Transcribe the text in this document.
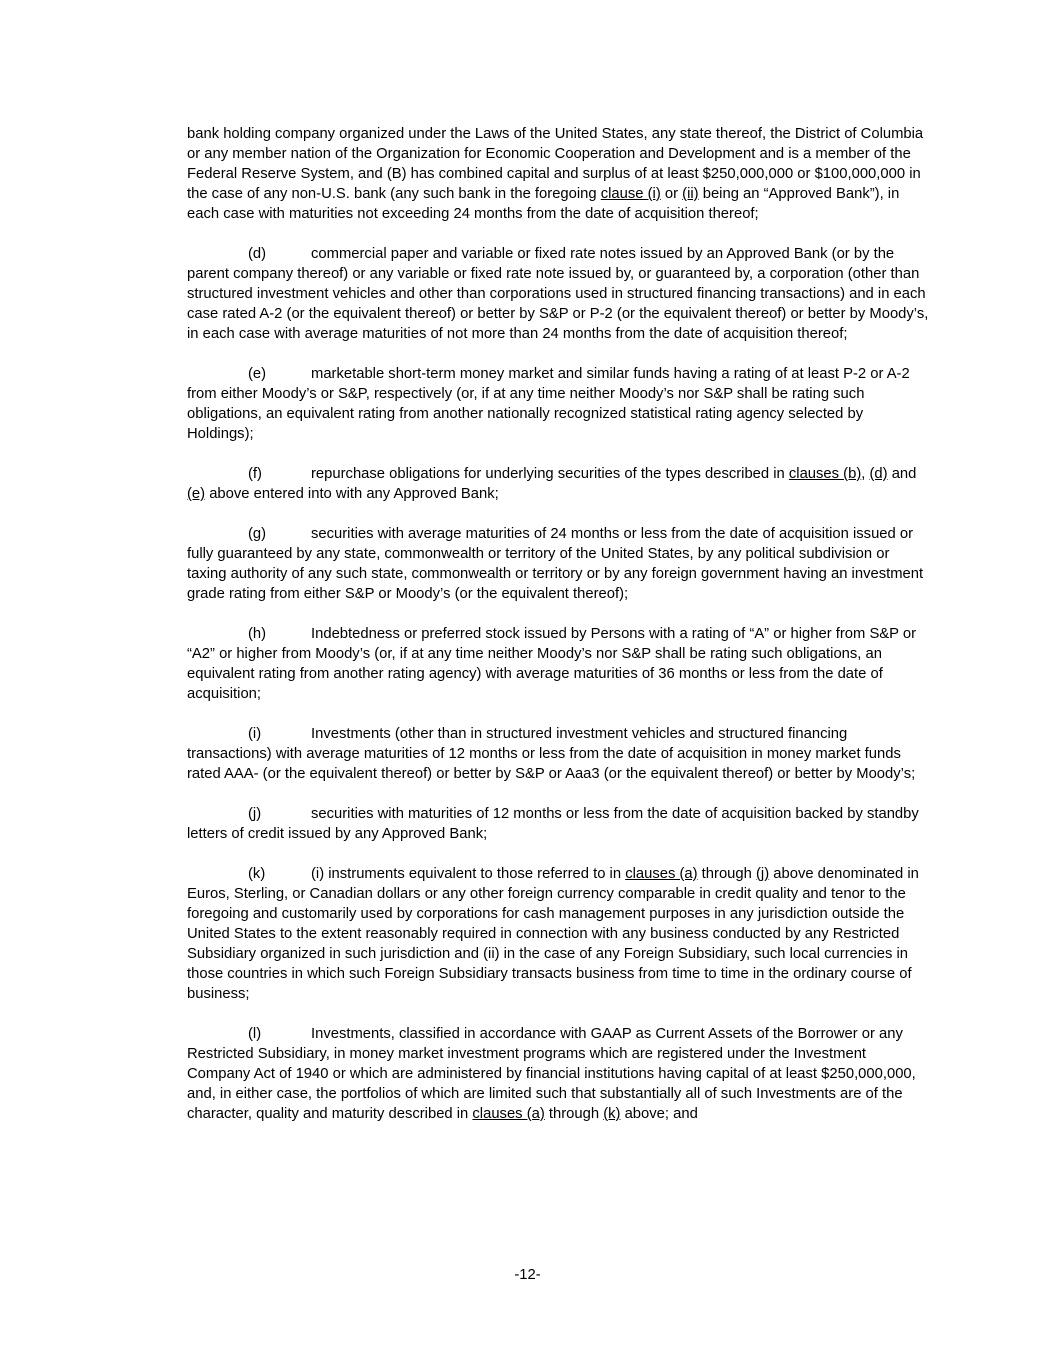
bank holding company organized under the Laws of the United States, any state thereof, the District of Columbia or any member nation of the Organization for Economic Cooperation and Development and is a member of the Federal Reserve System, and (B) has combined capital and surplus of at least $250,000,000 or $100,000,000 in the case of any non-U.S. bank (any such bank in the foregoing clause (i) or (ii) being an “Approved Bank”), in each case with maturities not exceeding 24 months from the date of acquisition thereof;

(d)	commercial paper and variable or fixed rate notes issued by an Approved Bank (or by the parent company thereof) or any variable or fixed rate note issued by, or guaranteed by, a corporation (other than structured investment vehicles and other than corporations used in structured financing transactions) and in each case rated A-2 (or the equivalent thereof) or better by S&P or P-2 (or the equivalent thereof) or better by Moody’s, in each case with average maturities of not more than 24 months from the date of acquisition thereof;

(e)	marketable short-term money market and similar funds having a rating of at least P-2 or A-2 from either Moody’s or S&P, respectively (or, if at any time neither Moody’s nor S&P shall be rating such obligations, an equivalent rating from another nationally recognized statistical rating agency selected by Holdings);

(f)	repurchase obligations for underlying securities of the types described in clauses (b), (d) and (e) above entered into with any Approved Bank;

(g)	securities with average maturities of 24 months or less from the date of acquisition issued or fully guaranteed by any state, commonwealth or territory of the United States, by any political subdivision or taxing authority of any such state, commonwealth or territory or by any foreign government having an investment grade rating from either S&P or Moody’s (or the equivalent thereof);

(h)	Indebtedness or preferred stock issued by Persons with a rating of “A” or higher from S&P or “A2” or higher from Moody’s (or, if at any time neither Moody’s nor S&P shall be rating such obligations, an equivalent rating from another rating agency) with average maturities of 36 months or less from the date of acquisition;

(i)	Investments (other than in structured investment vehicles and structured financing transactions) with average maturities of 12 months or less from the date of acquisition in money market funds rated AAA- (or the equivalent thereof) or better by S&P or Aaa3 (or the equivalent thereof) or better by Moody’s;

(j)	securities with maturities of 12 months or less from the date of acquisition backed by standby letters of credit issued by any Approved Bank;

(k)	(i) instruments equivalent to those referred to in clauses (a) through (j) above denominated in Euros, Sterling, or Canadian dollars or any other foreign currency comparable in credit quality and tenor to the foregoing and customarily used by corporations for cash management purposes in any jurisdiction outside the United States to the extent reasonably required in connection with any business conducted by any Restricted Subsidiary organized in such jurisdiction and (ii) in the case of any Foreign Subsidiary, such local currencies in those countries in which such Foreign Subsidiary transacts business from time to time in the ordinary course of business;

(l)	Investments, classified in accordance with GAAP as Current Assets of the Borrower or any Restricted Subsidiary, in money market investment programs which are registered under the Investment Company Act of 1940 or which are administered by financial institutions having capital of at least $250,000,000, and, in either case, the portfolios of which are limited such that substantially all of such Investments are of the character, quality and maturity described in clauses (a) through (k) above; and

-12-
